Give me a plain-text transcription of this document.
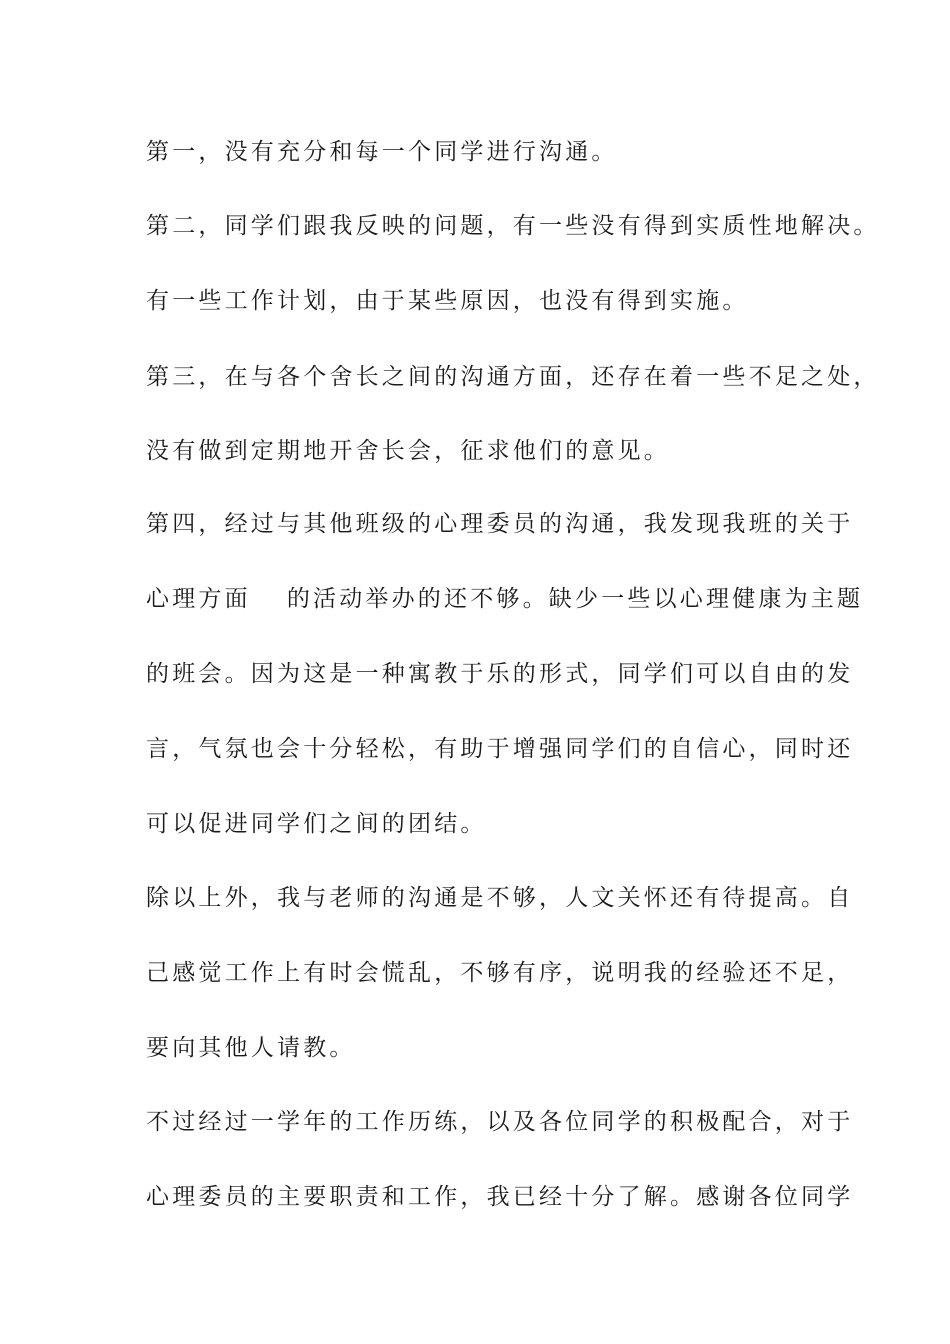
第一，没有充分和每一个同学进行沟通。
第二，同学们跟我反映的问题，有一些没有得到实质性地解决。
有一些工作计划，由于某些原因，也没有得到实施。
第三，在与各个舍长之间的沟通方面，还存在着一些不足之处，
没有做到定期地开舍长会，征求他们的意见。
第四，经过与其他班级的心理委员的沟通，我发现我班的关于
心理方面 的活动举办的还不够。缺少一些以心理健康为主题
的班会。因为这是一种寓教于乐的形式，同学们可以自由的发
言，气氛也会十分轻松，有助于增强同学们的自信心，同时还
可以促进同学们之间的团结。
除以上外，我与老师的沟通是不够，人文关怀还有待提高。自
己感觉工作上有时会慌乱，不够有序，说明我的经验还不足，
要向其他人请教。
不过经过一学年的工作历练，以及各位同学的积极配合，对于
心理委员的主要职责和工作，我已经十分了解。感谢各位同学
